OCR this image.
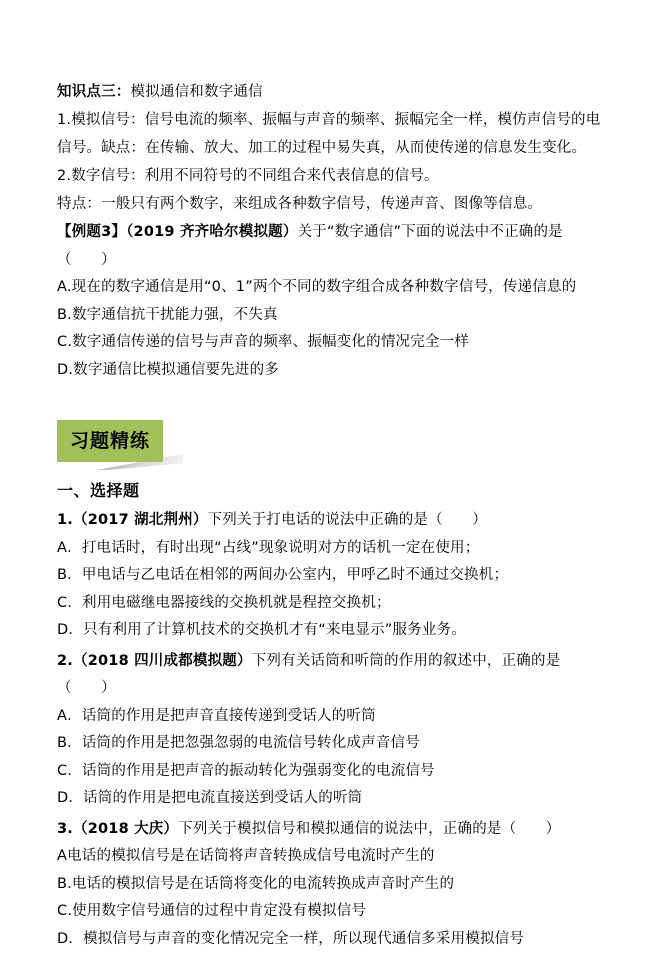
知识点三：模拟通信和数字通信

1.模拟信号：信号电流的频率、振幅与声音的频率、振幅完全一样，模仿声信号的电信号。缺点：在传输、放大、加工的过程中易失真，从而使传递的信息发生变化。

2.数字信号：利用不同符号的不同组合来代表信息的信号。

特点：一般只有两个数字，来组成各种数字信号，传递声音、图像等信息。

【例题3】（2019 齐齐哈尔模拟题）关于“数字通信”下面的说法中不正确的是（　　）

A.现在的数字通信是用“0、1”两个不同的数字组合成各种数字信号，传递信息的

B.数字通信抗干扰能力强，不失真

C.数字通信传递的信号与声音的频率、振幅变化的情况完全一样

D.数字通信比模拟通信要先进的多

习题精练
一、选择题

1.（2017 湖北荆州）下列关于打电话的说法中正确的是（　　）

A．打电话时，有时出现“占线”现象说明对方的话机一定在使用；

B．甲电话与乙电话在相邻的两间办公室内，甲呼乙时不通过交换机；

C．利用电磁继电器接线的交换机就是程控交换机；

D．只有利用了计算机技术的交换机才有“来电显示”服务业务。

2.（2018 四川成都模拟题）下列有关话筒和听筒的作用的叙述中，正确的是（　　）

A．话筒的作用是把声音直接传递到受话人的听筒

B．话筒的作用是把忽强忽弱的电流信号转化成声音信号

C．话筒的作用是把声音的振动转化为强弱变化的电流信号

D．话筒的作用是把电流直接送到受话人的听筒

3.（2018 大庆）下列关于模拟信号和模拟通信的说法中，正确的是（　　）

A电话的模拟信号是在话筒将声音转换成信号电流时产生的

B.电话的模拟信号是在话筒将变化的电流转换成声音时产生的

C.使用数字信号通信的过程中肯定没有模拟信号

D．模拟信号与声音的变化情况完全一样，所以现代通信多采用模拟信号
